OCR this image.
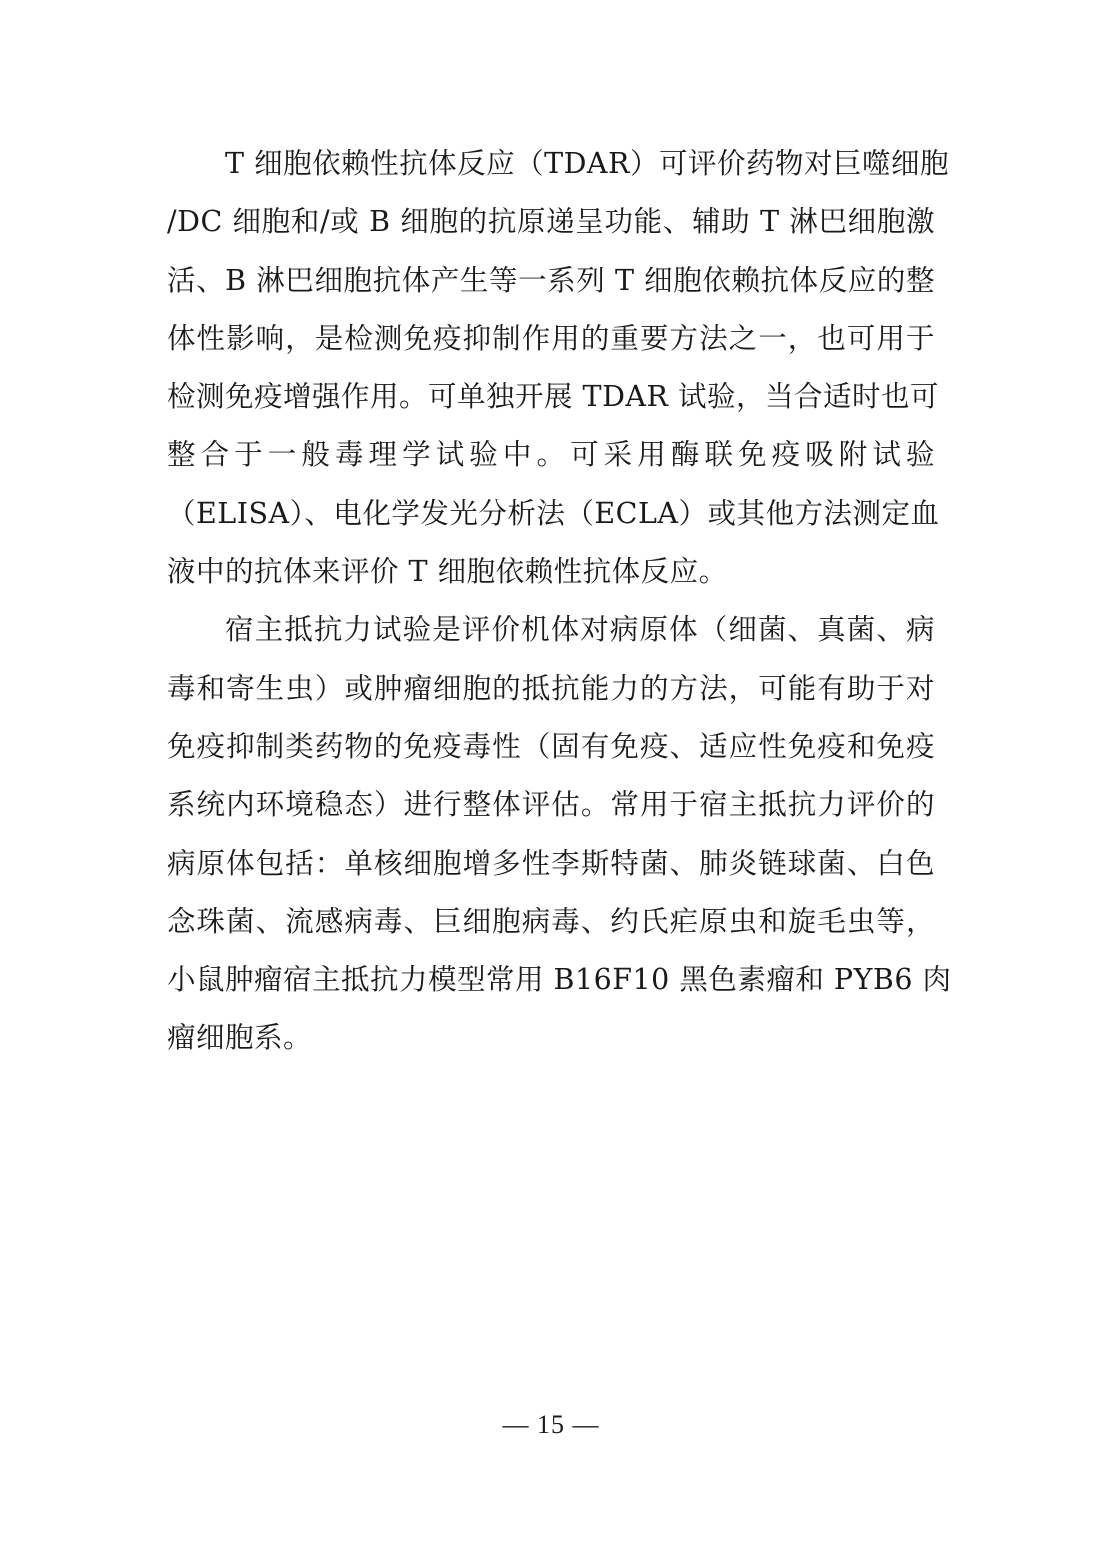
T 细胞依赖性抗体反应（TDAR）可评价药物对巨噬细胞
/DC 细胞和/或 B 细胞的抗原递呈功能、辅助 T 淋巴细胞激
活、B 淋巴细胞抗体产生等一系列 T 细胞依赖抗体反应的整
体性影响，是检测免疫抑制作用的重要方法之一，也可用于
检测免疫增强作用。可单独开展 TDAR 试验，当合适时也可
整合于一般毒理学试验中。可采用酶联免疫吸附试验
（ELISA）、电化学发光分析法（ECLA）或其他方法测定血
液中的抗体来评价 T 细胞依赖性抗体反应。
宿主抵抗力试验是评价机体对病原体（细菌、真菌、病
毒和寄生虫）或肿瘤细胞的抵抗能力的方法，可能有助于对
免疫抑制类药物的免疫毒性（固有免疫、适应性免疫和免疫
系统内环境稳态）进行整体评估。常用于宿主抵抗力评价的
病原体包括：单核细胞增多性李斯特菌、肺炎链球菌、白色
念珠菌、流感病毒、巨细胞病毒、约氏疟原虫和旋毛虫等，
小鼠肿瘤宿主抵抗力模型常用 B16F10 黑色素瘤和 PYB6 肉
瘤细胞系。
— 15 —
